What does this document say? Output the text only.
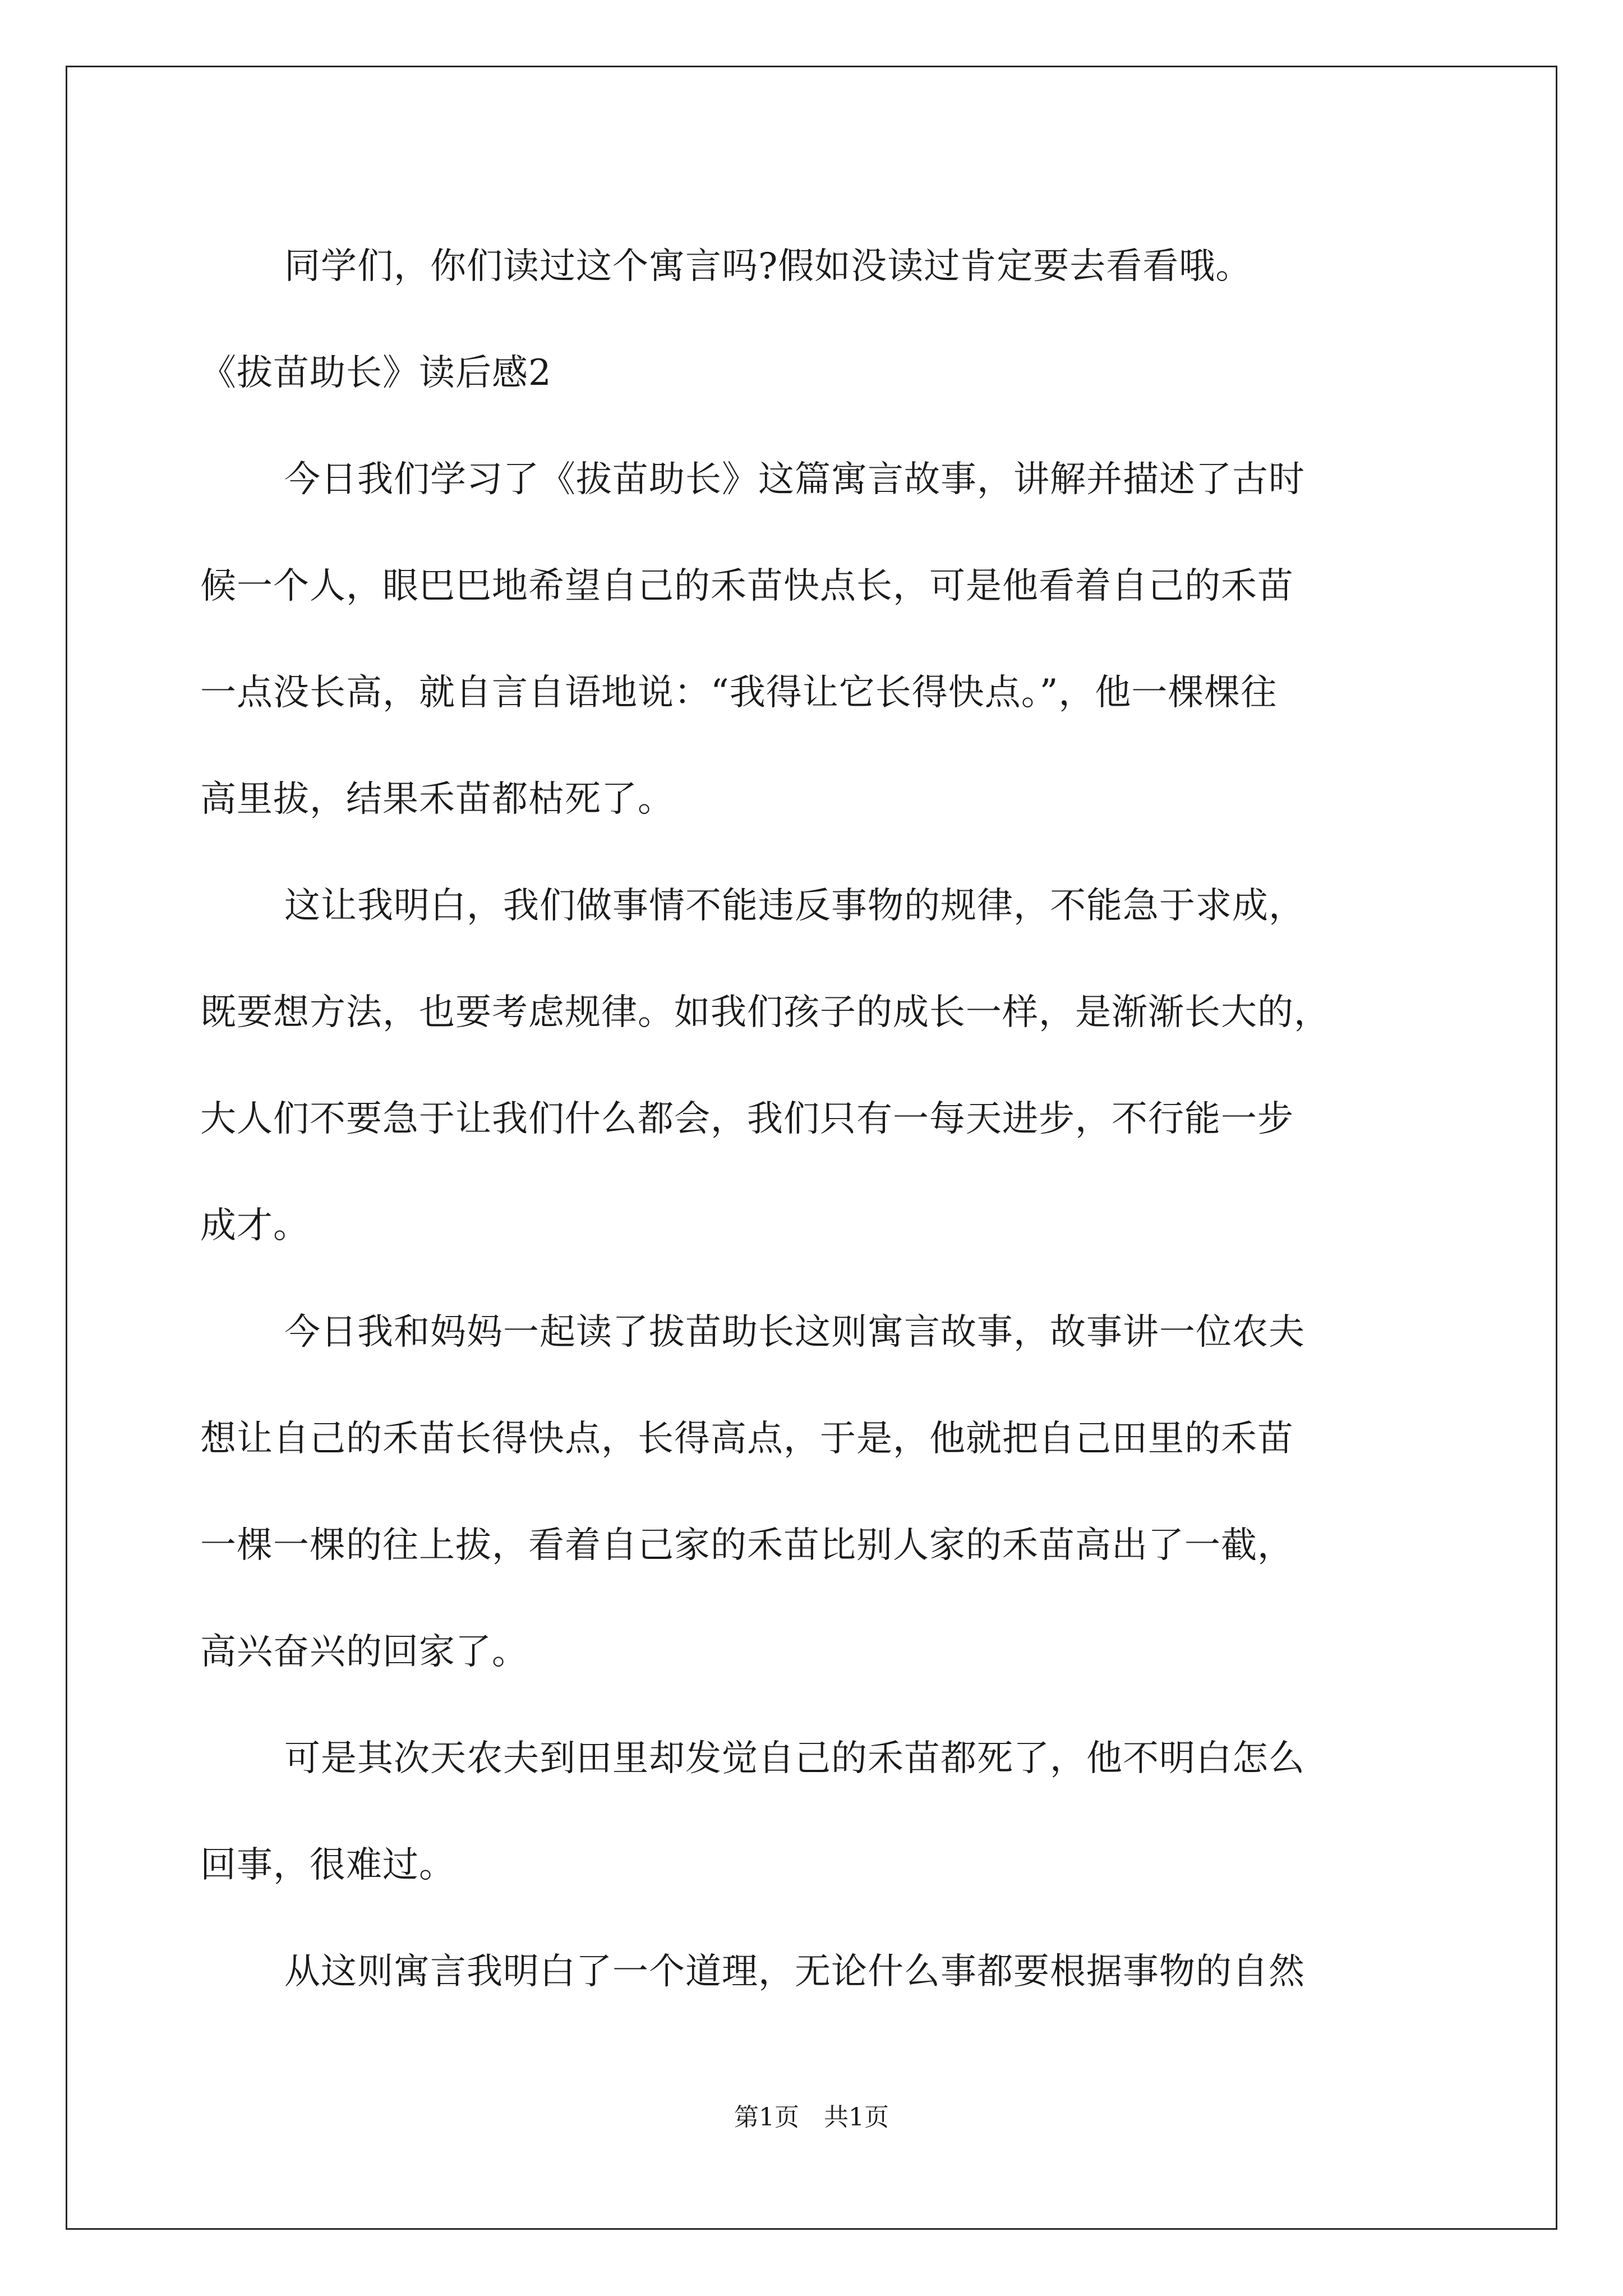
同学们，你们读过这个寓言吗?假如没读过肯定要去看看哦。
《拔苗助长》读后感2
今日我们学习了《拔苗助长》这篇寓言故事，讲解并描述了古时
候一个人，眼巴巴地希望自己的禾苗快点长，可是他看着自己的禾苗
一点没长高，就自言自语地说：“我得让它长得快点。”，他一棵棵往
高里拔，结果禾苗都枯死了。
这让我明白，我们做事情不能违反事物的规律，不能急于求成，
既要想方法，也要考虑规律。如我们孩子的成长一样，是渐渐长大的，
大人们不要急于让我们什么都会，我们只有一每天进步，不行能一步
成才。
今日我和妈妈一起读了拔苗助长这则寓言故事，故事讲一位农夫
想让自己的禾苗长得快点，长得高点，于是，他就把自己田里的禾苗
一棵一棵的往上拔，看着自己家的禾苗比别人家的禾苗高出了一截，
高兴奋兴的回家了。
可是其次天农夫到田里却发觉自己的禾苗都死了，他不明白怎么
回事，很难过。
从这则寓言我明白了一个道理，无论什么事都要根据事物的自然
第1页　共1页
